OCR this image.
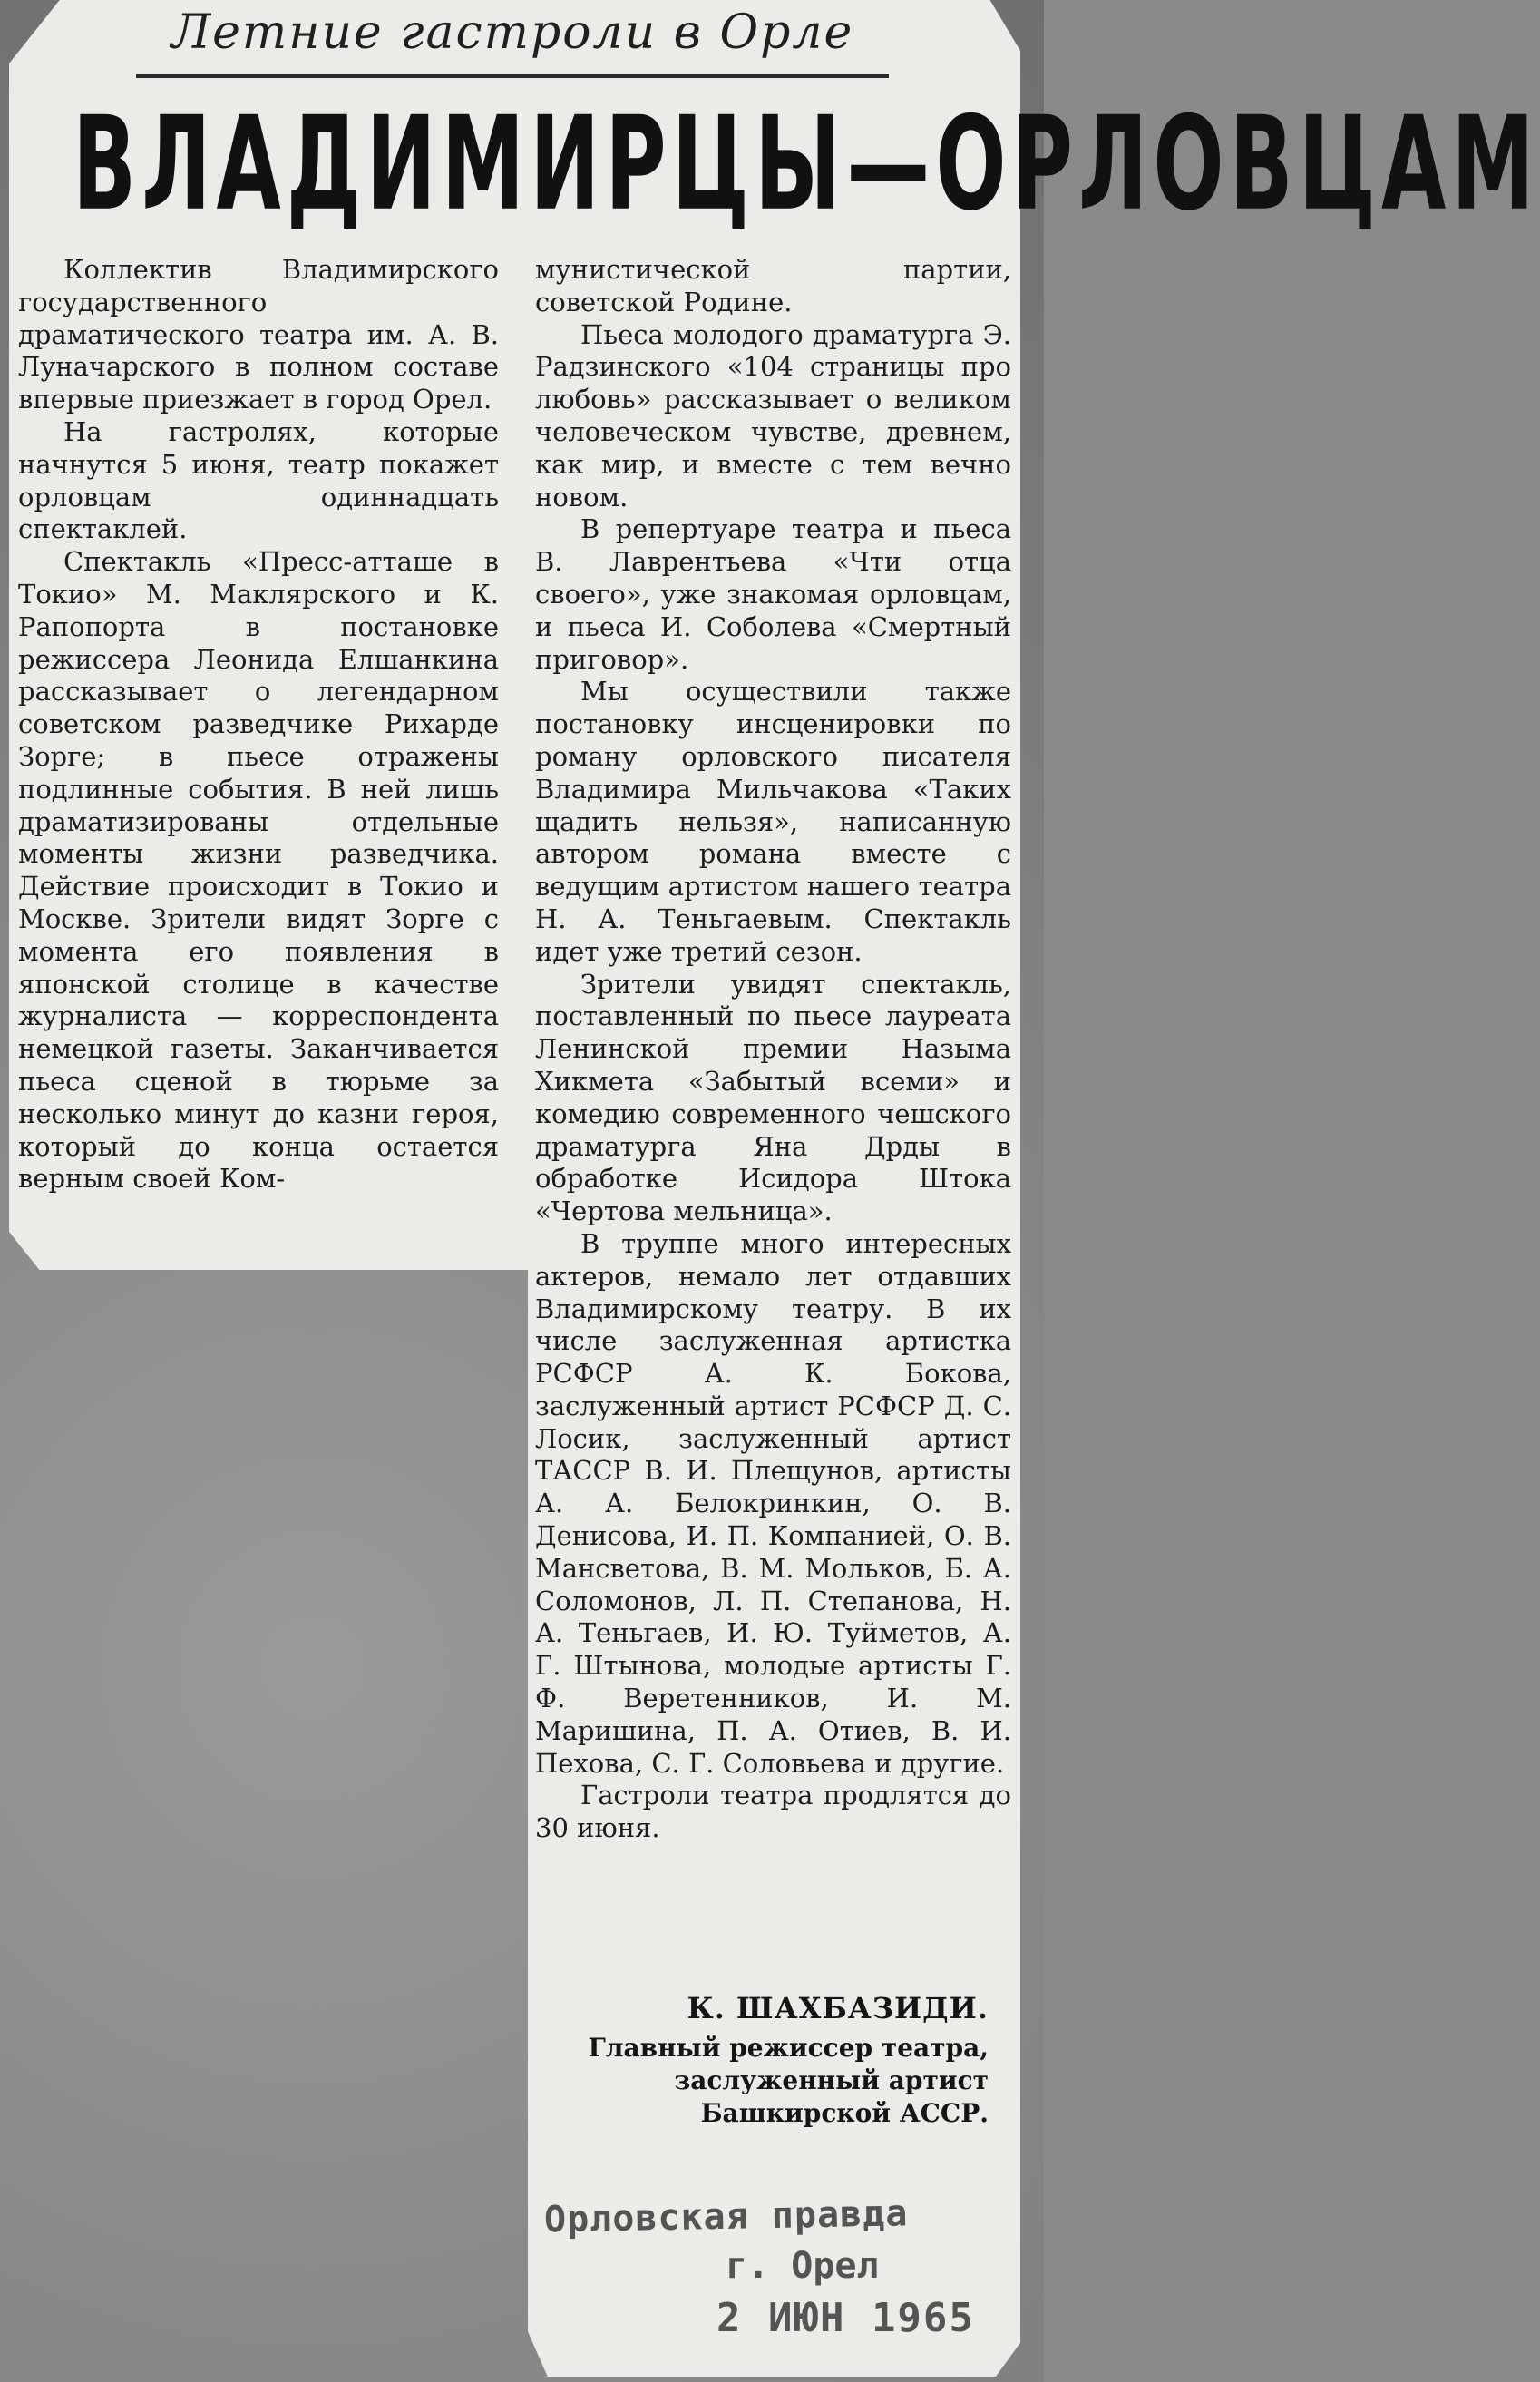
Летние гастроли в Орле
ВЛАДИМИРЦЫ—ОРЛОВЦАМ

Коллектив Владимирского государственного драматического театра им. А. В. Луначарского в полном составе впервые приезжает в город Орел.

На гастролях, которые начнутся 5 июня, театр покажет орловцам одиннадцать спектаклей.

Спектакль «Пресс-атташе в Токио» М. Маклярского и К. Рапопорта в постановке режиссера Леонида Елшанкина рассказывает о легендарном советском разведчике Рихарде Зорге; в пьесе отражены подлинные события. В ней лишь драматизированы отдельные моменты жизни разведчика. Действие происходит в Токио и Москве. Зрители видят Зорге с момента его появления в японской столице в качестве журналиста — корреспондента немецкой газеты. Заканчивается пьеса сценой в тюрьме за несколько минут до казни героя, который до конца остается верным своей Ком-

мунистической партии, советской Родине.

Пьеса молодого драматурга Э. Радзинского «104 страницы про любовь» рассказывает о великом человеческом чувстве, древнем, как мир, и вместе с тем вечно новом.

В репертуаре театра и пьеса В. Лаврентьева «Чти отца своего», уже знакомая орловцам, и пьеса И. Соболева «Смертный приговор».

Мы осуществили также постановку инсценировки по роману орловского писателя Владимира Мильчакова «Таких щадить нельзя», написанную автором романа вместе с ведущим артистом нашего театра Н. А. Теньгаевым. Спектакль идет уже третий сезон.

Зрители увидят спектакль, поставленный по пьесе лауреата Ленинской премии Назыма Хикмета «Забытый всеми» и комедию современного чешского драматурга Яна Дрды в обработке Исидора Штока «Чертова мельница».

В труппе много интересных актеров, немало лет отдавших Владимирскому театру. В их числе заслуженная артистка РСФСР А. К. Бокова, заслуженный артист РСФСР Д. С. Лосик, заслуженный артист ТАССР В. И. Плещунов, артисты А. А. Белокринкин, О. В. Денисова, И. П. Компанией, О. В. Мансветова, В. М. Мольков, Б. А. Соломонов, Л. П. Степанова, Н. А. Теньгаев, И. Ю. Туйметов, А. Г. Штынова, молодые артисты Г. Ф. Веретенников, И. М. Маришина, П. А. Отиев, В. И. Пехова, С. Г. Соловьева и другие.

Гастроли театра продлятся до 30 июня.

К. ШАХБАЗИДИ.
Главный режиссер театра, заслуженный артист Башкирской АССР.
Орловская правда
г. Орел
2 ИЮН 1965
